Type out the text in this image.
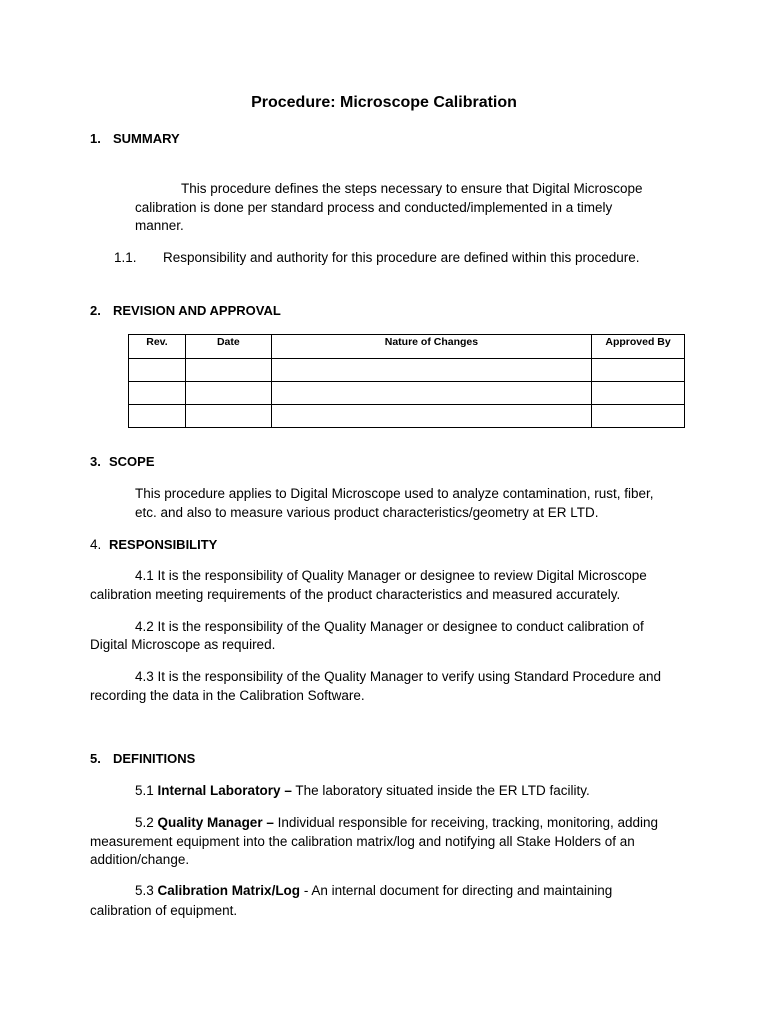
Procedure: Microscope Calibration
1. SUMMARY
This procedure defines the steps necessary to ensure that Digital Microscope
calibration is done per standard process and conducted/implemented in a timely
manner.
1.1. Responsibility and authority for this procedure are defined within this procedure.
2. REVISION AND APPROVAL
Rev.	Date	Nature of Changes	Approved By

3. SCOPE
This procedure applies to Digital Microscope used to analyze contamination, rust, fiber,
etc. and also to measure various product characteristics/geometry at ER LTD.
4. RESPONSIBILITY
4.1 It is the responsibility of Quality Manager or designee to review Digital Microscope
calibration meeting requirements of the product characteristics and measured accurately.
4.2 It is the responsibility of the Quality Manager or designee to conduct calibration of
Digital Microscope as required.
4.3 It is the responsibility of the Quality Manager to verify using Standard Procedure and
recording the data in the Calibration Software.
5. DEFINITIONS
5.1 Internal Laboratory – The laboratory situated inside the ER LTD facility.
5.2 Quality Manager – Individual responsible for receiving, tracking, monitoring, adding
measurement equipment into the calibration matrix/log and notifying all Stake Holders of an
addition/change.
5.3 Calibration Matrix/Log - An internal document for directing and maintaining
calibration of equipment.
